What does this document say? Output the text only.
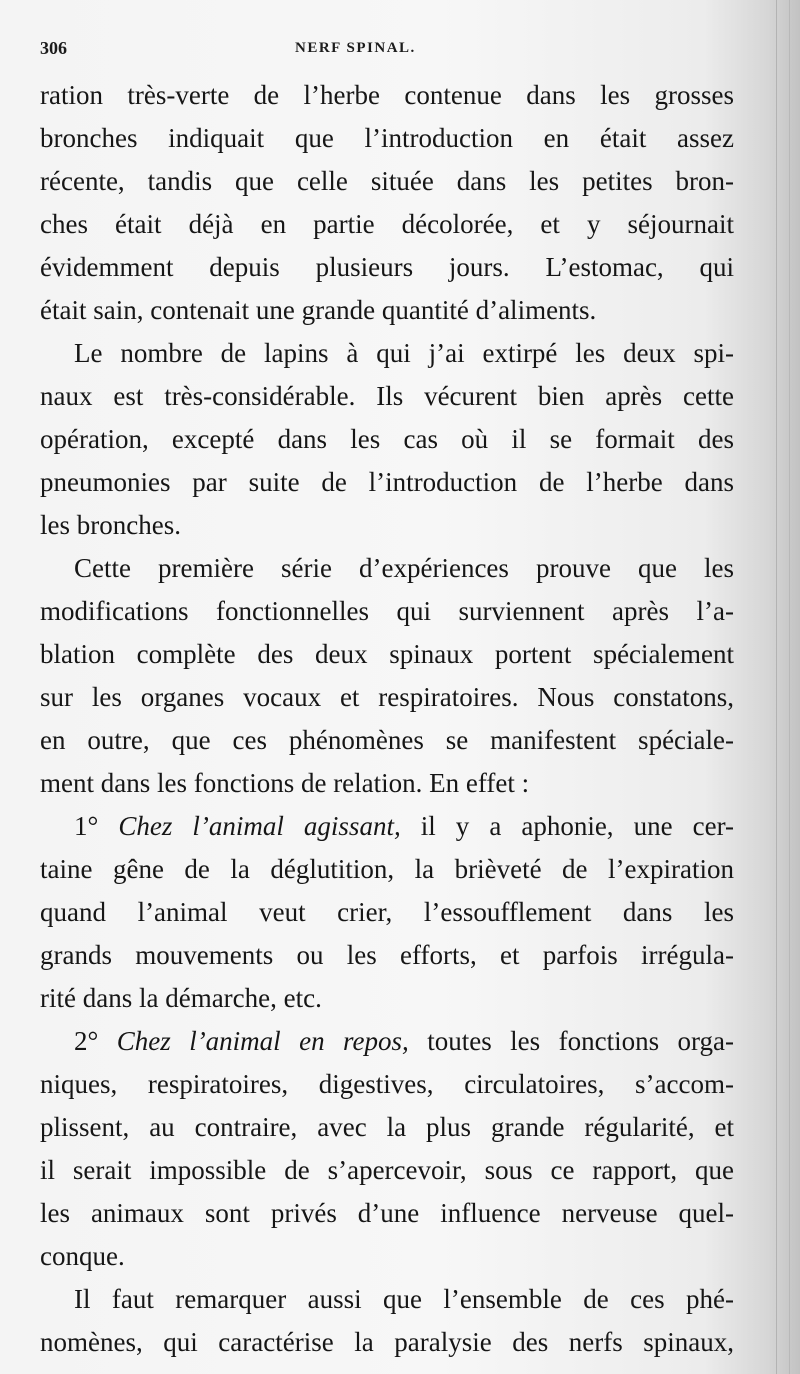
306	NERF SPINAL.
ration très-verte de l’herbe contenue dans les grosses
bronches indiquait que l’introduction en était assez
récente, tandis que celle située dans les petites bron-
ches était déjà en partie décolorée, et y séjournait
évidemment depuis plusieurs jours. L’estomac, qui
était sain, contenait une grande quantité d’aliments.
Le nombre de lapins à qui j’ai extirpé les deux spi-
naux est très-considérable. Ils vécurent bien après cette
opération, excepté dans les cas où il se formait des
pneumonies par suite de l’introduction de l’herbe dans
les bronches.
Cette première série d’expériences prouve que les
modifications fonctionnelles qui surviennent après l’a-
blation complète des deux spinaux portent spécialement
sur les organes vocaux et respiratoires. Nous constatons,
en outre, que ces phénomènes se manifestent spéciale-
ment dans les fonctions de relation. En effet :
1° Chez l’animal agissant, il y a aphonie, une cer-
taine gêne de la déglutition, la brièveté de l’expiration
quand l’animal veut crier, l’essoufflement dans les
grands mouvements ou les efforts, et parfois irrégula-
rité dans la démarche, etc.
2° Chez l’animal en repos, toutes les fonctions orga-
niques, respiratoires, digestives, circulatoires, s’accom-
plissent, au contraire, avec la plus grande régularité, et
il serait impossible de s’apercevoir, sous ce rapport, que
les animaux sont privés d’une influence nerveuse quel-
conque.
Il faut remarquer aussi que l’ensemble de ces phé-
nomènes, qui caractérise la paralysie des nerfs spinaux,
